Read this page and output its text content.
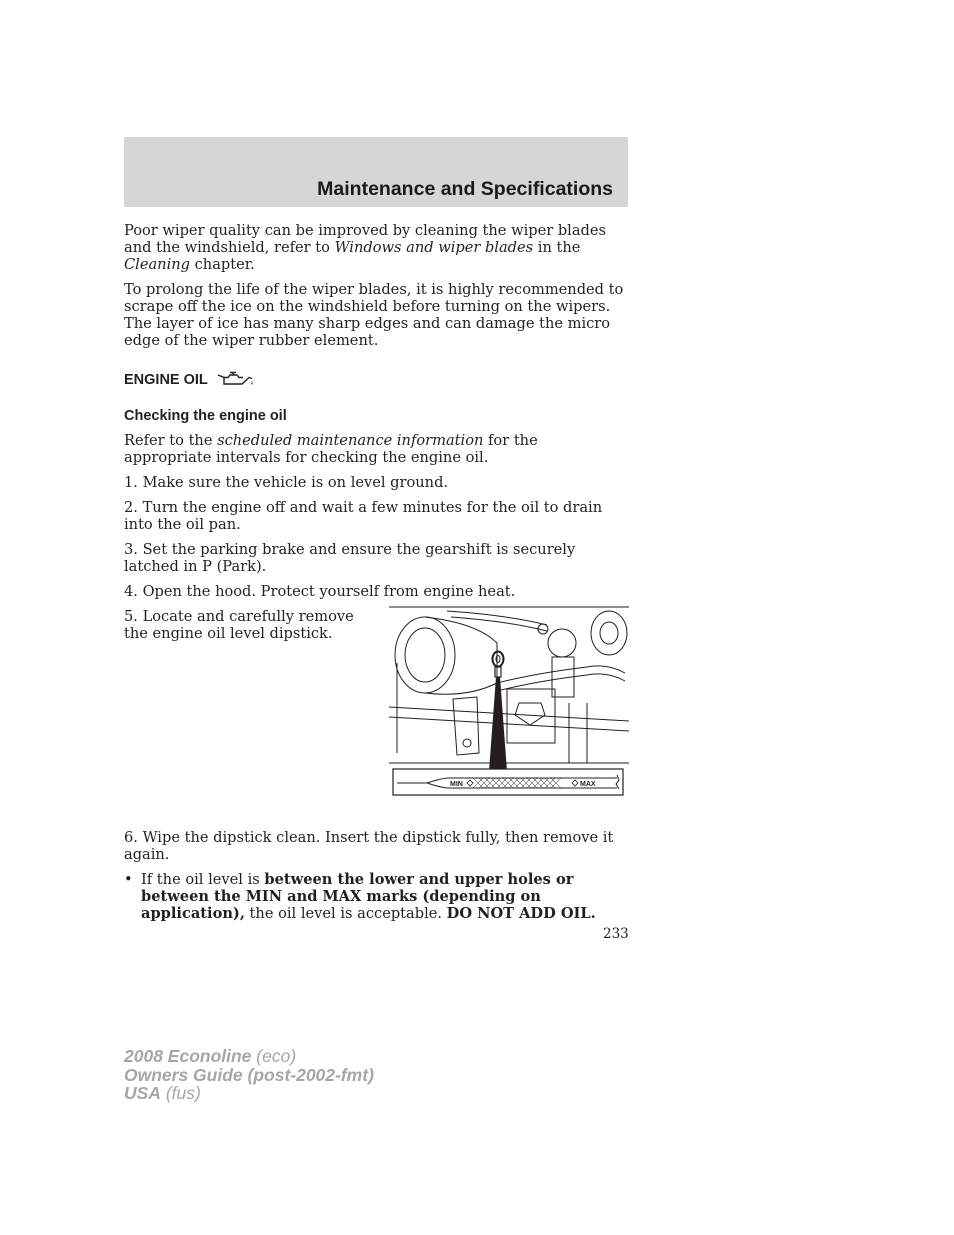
Maintenance and Specifications

Poor wiper quality can be improved by cleaning the wiper blades and the windshield, refer to Windows and wiper blades in the Cleaning chapter.

To prolong the life of the wiper blades, it is highly recommended to scrape off the ice on the windshield before turning on the wipers. The layer of ice has many sharp edges and can damage the micro edge of the wiper rubber element.

ENGINE OIL
Checking the engine oil

Refer to the scheduled maintenance information for the appropriate intervals for checking the engine oil.

1. Make sure the vehicle is on level ground.

2. Turn the engine off and wait a few minutes for the oil to drain into the oil pan.

3. Set the parking brake and ensure the gearshift is securely latched in P (Park).

4. Open the hood. Protect yourself from engine heat.

5. Locate and carefully remove the engine oil level dipstick.

MIN	MAX

6. Wipe the dipstick clean. Insert the dipstick fully, then remove it again.

• If the oil level is between the lower and upper holes or between the MIN and MAX marks (depending on application), the oil level is acceptable. DO NOT ADD OIL.
233
2008 Econoline (eco)
Owners Guide (post-2002-fmt)
USA (fus)
